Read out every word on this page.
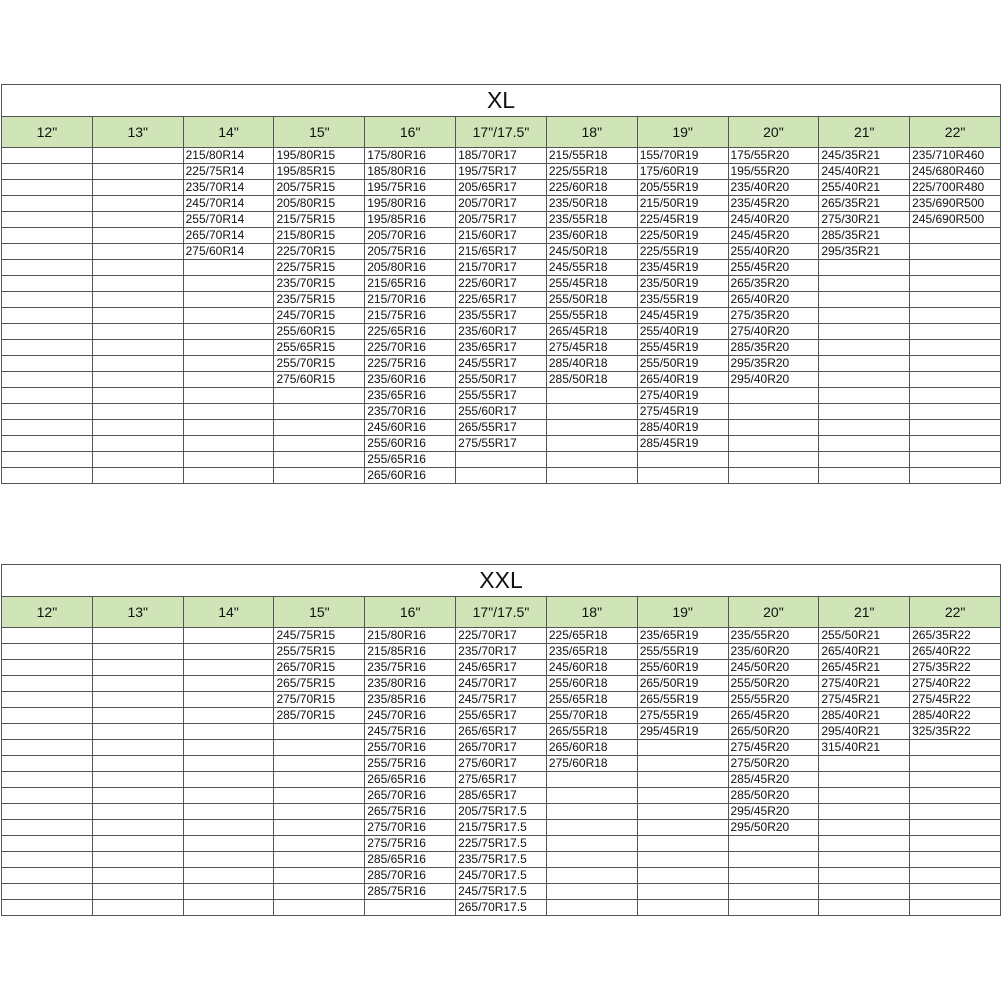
XL										
12"	13"	14"	15"	16"	17"/17.5"	18"	19"	20"	21"	22"
		215/80R14	195/80R15	175/80R16	185/70R17	215/55R18	155/70R19	175/55R20	245/35R21	235/710R460
		225/75R14	195/85R15	185/80R16	195/75R17	225/55R18	175/60R19	195/55R20	245/40R21	245/680R460
		235/70R14	205/75R15	195/75R16	205/65R17	225/60R18	205/55R19	235/40R20	255/40R21	225/700R480
		245/70R14	205/80R15	195/80R16	205/70R17	235/50R18	215/50R19	235/45R20	265/35R21	235/690R500
		255/70R14	215/75R15	195/85R16	205/75R17	235/55R18	225/45R19	245/40R20	275/30R21	245/690R500
		265/70R14	215/80R15	205/70R16	215/60R17	235/60R18	225/50R19	245/45R20	285/35R21	
		275/60R14	225/70R15	205/75R16	215/65R17	245/50R18	225/55R19	255/40R20	295/35R21	
			225/75R15	205/80R16	215/70R17	245/55R18	235/45R19	255/45R20		
			235/70R15	215/65R16	225/60R17	255/45R18	235/50R19	265/35R20		
			235/75R15	215/70R16	225/65R17	255/50R18	235/55R19	265/40R20		
			245/70R15	215/75R16	235/55R17	255/55R18	245/45R19	275/35R20		
			255/60R15	225/65R16	235/60R17	265/45R18	255/40R19	275/40R20		
			255/65R15	225/70R16	235/65R17	275/45R18	255/45R19	285/35R20		
			255/70R15	225/75R16	245/55R17	285/40R18	255/50R19	295/35R20		
			275/60R15	235/60R16	255/50R17	285/50R18	265/40R19	295/40R20		
				235/65R16	255/55R17		275/40R19			
				235/70R16	255/60R17		275/45R19			
				245/60R16	265/55R17		285/40R19			
				255/60R16	275/55R17		285/45R19			
				255/65R16						
				265/60R16						
XXL										
12"	13"	14"	15"	16"	17"/17.5"	18"	19"	20"	21"	22"
			245/75R15	215/80R16	225/70R17	225/65R18	235/65R19	235/55R20	255/50R21	265/35R22
			255/75R15	215/85R16	235/70R17	235/65R18	255/55R19	235/60R20	265/40R21	265/40R22
			265/70R15	235/75R16	245/65R17	245/60R18	255/60R19	245/50R20	265/45R21	275/35R22
			265/75R15	235/80R16	245/70R17	255/60R18	265/50R19	255/50R20	275/40R21	275/40R22
			275/70R15	235/85R16	245/75R17	255/65R18	265/55R19	255/55R20	275/45R21	275/45R22
			285/70R15	245/70R16	255/65R17	255/70R18	275/55R19	265/45R20	285/40R21	285/40R22
				245/75R16	265/65R17	265/55R18	295/45R19	265/50R20	295/40R21	325/35R22
				255/70R16	265/70R17	265/60R18		275/45R20	315/40R21	
				255/75R16	275/60R17	275/60R18		275/50R20		
				265/65R16	275/65R17			285/45R20		
				265/70R16	285/65R17			285/50R20		
				265/75R16	205/75R17.5			295/45R20		
				275/70R16	215/75R17.5			295/50R20		
				275/75R16	225/75R17.5					
				285/65R16	235/75R17.5					
				285/70R16	245/70R17.5					
				285/75R16	245/75R17.5					
					265/70R17.5					
